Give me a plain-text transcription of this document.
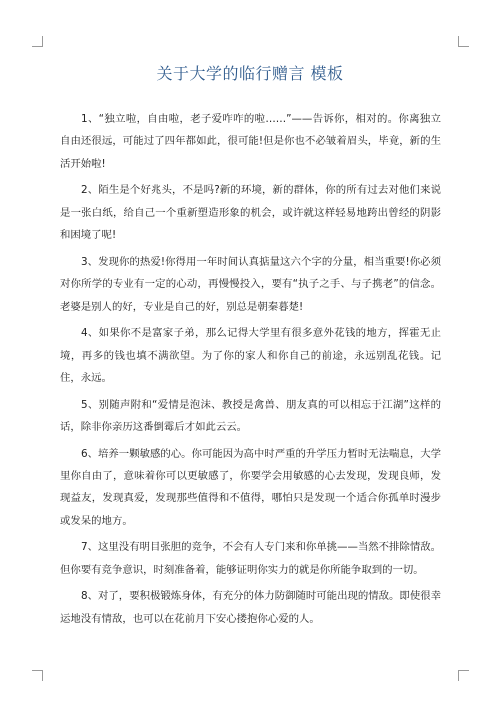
关于大学的临行赠言 模板

1、“独立啦，自由啦，老子爱咋咋的啦……”——告诉你，相对的。你离独立自由还很远，可能过了四年都如此，很可能!但是你也不必皱着眉头，毕竟，新的生活开始啦!

2、陌生是个好兆头，不是吗?新的环境，新的群体，你的所有过去对他们来说是一张白纸，给自己一个重新塑造形象的机会，或许就这样轻易地跨出曾经的阴影和困境了呢!

3、发现你的热爱!你得用一年时间认真掂量这六个字的分量，相当重要!你必须对你所学的专业有一定的心动，再慢慢投入，要有“执子之手、与子携老”的信念。老婆是别人的好，专业是自己的好，别总是朝秦暮楚!

4、如果你不是富家子弟，那么记得大学里有很多意外花钱的地方，挥霍无止境，再多的钱也填不满欲望。为了你的家人和你自己的前途，永远别乱花钱。记住，永远。

5、别随声附和“爱情是泡沫、教授是禽兽、朋友真的可以相忘于江湖”这样的话，除非你亲历这番倒霉后才如此云云。

6、培养一颗敏感的心。你可能因为高中时严重的升学压力暂时无法喘息，大学里你自由了，意味着你可以更敏感了，你要学会用敏感的心去发现，发现良师，发现益友，发现真爱，发现那些值得和不值得，哪怕只是发现一个适合你孤单时漫步或发呆的地方。

7、这里没有明目张胆的竞争，不会有人专门来和你单挑——当然不排除情敌。但你要有竞争意识，时刻准备着，能够证明你实力的就是你所能争取到的一切。

8、对了，要积极锻炼身体，有充分的体力防御随时可能出现的情敌。即使很幸运地没有情敌，也可以在花前月下安心搂抱你心爱的人。
